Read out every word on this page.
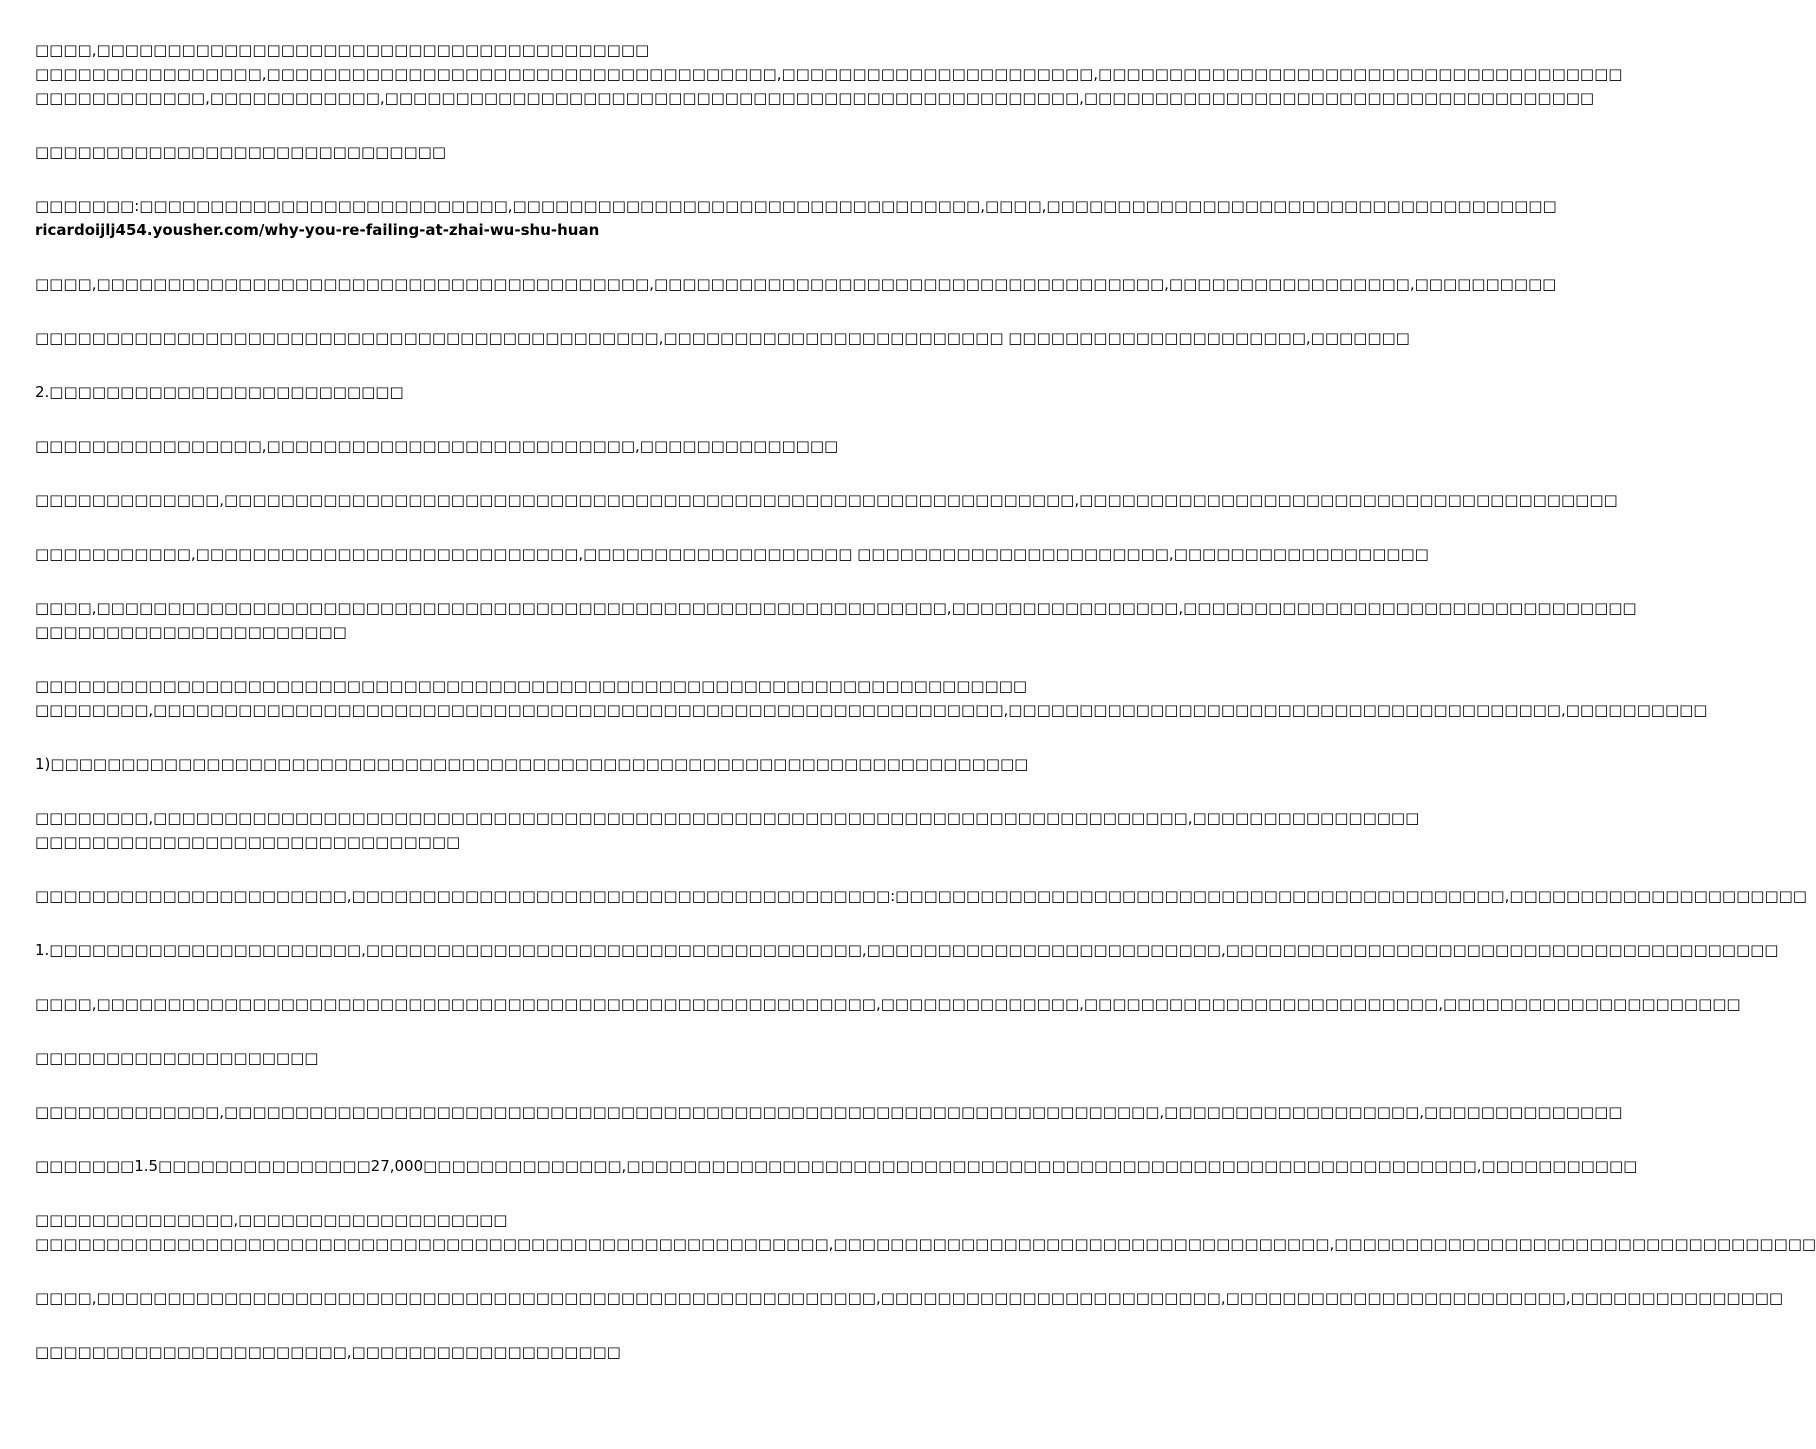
□□□□,□□□□□□□□□□□□□□□□□□□□□□□□□□□□□□□□□□□□□□□
□□□□□□□□□□□□□□□□,□□□□□□□□□□□□□□□□□□□□□□□□□□□□□□□□□□□□,□□□□□□□□□□□□□□□□□□□□□□,□□□□□□□□□□□□□□□□□□□□□□□□□□□□□□□□□□□□□
□□□□□□□□□□□□,□□□□□□□□□□□□,□□□□□□□□□□□□□□□□□□□□□□□□□□□□□□□□□□□□□□□□□□□□□□□□□,□□□□□□□□□□□□□□□□□□□□□□□□□□□□□□□□□□□□
□□□□□□□□□□□□□□□□□□□□□□□□□□□□□
□□□□□□□:□□□□□□□□□□□□□□□□□□□□□□□□□□,□□□□□□□□□□□□□□□□□□□□□□□□□□□□□□□□□,□□□□,□□□□□□□□□□□□□□□□□□□□□□□□□□□□□□□□□□□□
ricardoijlj454.yousher.com/why-you-re-failing-at-zhai-wu-shu-huan
□□□□,□□□□□□□□□□□□□□□□□□□□□□□□□□□□□□□□□□□□□□□,□□□□□□□□□□□□□□□□□□□□□□□□□□□□□□□□□□□□,□□□□□□□□□□□□□□□□□,□□□□□□□□□□
□□□□□□□□□□□□□□□□□□□□□□□□□□□□□□□□□□□□□□□□□□□□,□□□□□□□□□□□□□□□□□□□□□□□□ □□□□□□□□□□□□□□□□□□□□□,□□□□□□□
2.□□□□□□□□□□□□□□□□□□□□□□□□□
□□□□□□□□□□□□□□□□,□□□□□□□□□□□□□□□□□□□□□□□□□□,□□□□□□□□□□□□□□
□□□□□□□□□□□□□,□□□□□□□□□□□□□□□□□□□□□□□□□□□□□□□□□□□□□□□□□□□□□□□□□□□□□□□□□□□□,□□□□□□□□□□□□□□□□□□□□□□□□□□□□□□□□□□□□□□
□□□□□□□□□□□,□□□□□□□□□□□□□□□□□□□□□□□□□□□,□□□□□□□□□□□□□□□□□□□ □□□□□□□□□□□□□□□□□□□□□□,□□□□□□□□□□□□□□□□□□
□□□□,□□□□□□□□□□□□□□□□□□□□□□□□□□□□□□□□□□□□□□□□□□□□□□□□□□□□□□□□□□□□,□□□□□□□□□□□□□□□□,□□□□□□□□□□□□□□□□□□□□□□□□□□□□□□□□
□□□□□□□□□□□□□□□□□□□□□□
□□□□□□□□□□□□□□□□□□□□□□□□□□□□□□□□□□□□□□□□□□□□□□□□□□□□□□□□□□□□□□□□□□□□□□
□□□□□□□□,□□□□□□□□□□□□□□□□□□□□□□□□□□□□□□□□□□□□□□□□□□□□□□□□□□□□□□□□□□□□,□□□□□□□□□□□□□□□□□□□□□□□□□□□□□□□□□□□□□□□,□□□□□□□□□□
1)□□□□□□□□□□□□□□□□□□□□□□□□□□□□□□□□□□□□□□□□□□□□□□□□□□□□□□□□□□□□□□□□□□□□□
□□□□□□□□,□□□□□□□□□□□□□□□□□□□□□□□□□□□□□□□□□□□□□□□□□□□□□□□□□□□□□□□□□□□□□□□□□□□□□□□□□,□□□□□□□□□□□□□□□□
□□□□□□□□□□□□□□□□□□□□□□□□□□□□□□
□□□□□□□□□□□□□□□□□□□□□□,□□□□□□□□□□□□□□□□□□□□□□□□□□□□□□□□□□□□□□:□□□□□□□□□□□□□□□□□□□□□□□□□□□□□□□□□□□□□□□□□□□,□□□□□□□□□□□□□□□□□□□□□
1.□□□□□□□□□□□□□□□□□□□□□□,□□□□□□□□□□□□□□□□□□□□□□□□□□□□□□□□□□□,□□□□□□□□□□□□□□□□□□□□□□□□□,□□□□□□□□□□□□□□□□□□□□□□□□□□□□□□□□□□□□□□□
□□□□,□□□□□□□□□□□□□□□□□□□□□□□□□□□□□□□□□□□□□□□□□□□□□□□□□□□□□□□,□□□□□□□□□□□□□□,□□□□□□□□□□□□□□□□□□□□□□□□□,□□□□□□□□□□□□□□□□□□□□□
□□□□□□□□□□□□□□□□□□□□
□□□□□□□□□□□□□,□□□□□□□□□□□□□□□□□□□□□□□□□□□□□□□□□□□□□□□□□□□□□□□□□□□□□□□□□□□□□□□□□□,□□□□□□□□□□□□□□□□□□,□□□□□□□□□□□□□□
□□□□□□□1.5□□□□□□□□□□□□□□□27,000□□□□□□□□□□□□□□,□□□□□□□□□□□□□□□□□□□□□□□□□□□□□□□□□□□□□□□□□□□□□□□□□□□□□□□□□□□□,□□□□□□□□□□□
□□□□□□□□□□□□□□,□□□□□□□□□□□□□□□□□□□
□□□□□□□□□□□□□□□□□□□□□□□□□□□□□□□□□□□□□□□□□□□□□□□□□□□□□□□□,□□□□□□□□□□□□□□□□□□□□□□□□□□□□□□□□□□□,□□□□□□□□□□□□□□□□□□□□□□□□□□□□□□□□□□
□□□□,□□□□□□□□□□□□□□□□□□□□□□□□□□□□□□□□□□□□□□□□□□□□□□□□□□□□□□□,□□□□□□□□□□□□□□□□□□□□□□□□,□□□□□□□□□□□□□□□□□□□□□□□□,□□□□□□□□□□□□□□□
□□□□□□□□□□□□□□□□□□□□□□,□□□□□□□□□□□□□□□□□□□
